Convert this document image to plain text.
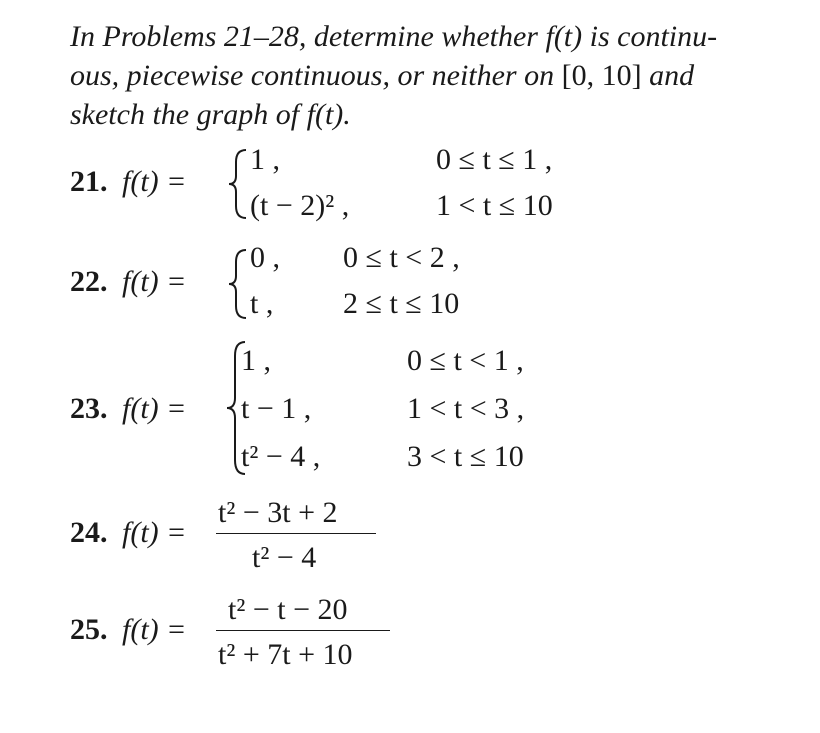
In Problems 21–28, determine whether f(t) is continu-
ous, piecewise continuous, or neither on [0, 10] and
sketch the graph of f(t).
21. f(t) =
1 ,	0 ≤ t ≤ 1 ,
(t − 2)² ,	1 < t ≤ 10
22. f(t) =
0 , 0 ≤ t < 2 ,
t , 2 ≤ t ≤ 10
23. f(t) =
1 ,	0 ≤ t < 1 ,
t − 1 ,	1 < t < 3 ,
t² − 4 ,	3 < t ≤ 10
24. f(t) =
t² − 3t + 2
t² − 4
25. f(t) =
t² − t − 20
t² + 7t + 10
